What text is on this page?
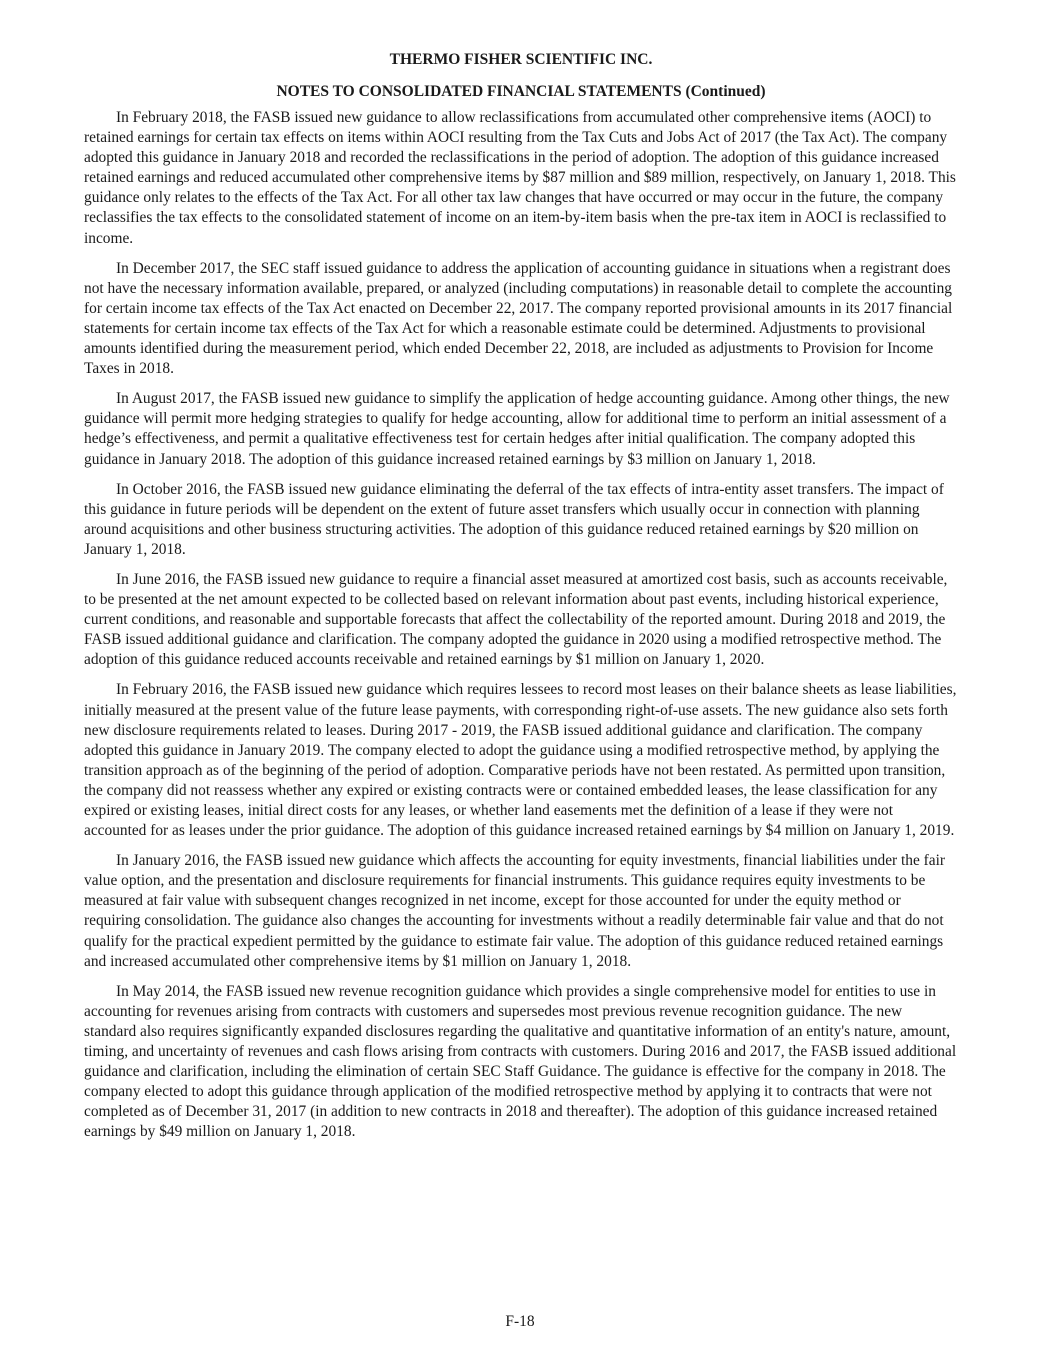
THERMO FISHER SCIENTIFIC INC.
NOTES TO CONSOLIDATED FINANCIAL STATEMENTS (Continued)

In February 2018, the FASB issued new guidance to allow reclassifications from accumulated other comprehensive items (AOCI) to retained earnings for certain tax effects on items within AOCI resulting from the Tax Cuts and Jobs Act of 2017 (the Tax Act). The company adopted this guidance in January 2018 and recorded the reclassifications in the period of adoption. The adoption of this guidance increased retained earnings and reduced accumulated other comprehensive items by $87 million and $89 million, respectively, on January 1, 2018. This guidance only relates to the effects of the Tax Act. For all other tax law changes that have occurred or may occur in the future, the company reclassifies the tax effects to the consolidated statement of income on an item-by-item basis when the pre-tax item in AOCI is reclassified to income.

In December 2017, the SEC staff issued guidance to address the application of accounting guidance in situations when a registrant does not have the necessary information available, prepared, or analyzed (including computations) in reasonable detail to complete the accounting for certain income tax effects of the Tax Act enacted on December 22, 2017. The company reported provisional amounts in its 2017 financial statements for certain income tax effects of the Tax Act for which a reasonable estimate could be determined. Adjustments to provisional amounts identified during the measurement period, which ended December 22, 2018, are included as adjustments to Provision for Income Taxes in 2018.

In August 2017, the FASB issued new guidance to simplify the application of hedge accounting guidance. Among other things, the new guidance will permit more hedging strategies to qualify for hedge accounting, allow for additional time to perform an initial assessment of a hedge’s effectiveness, and permit a qualitative effectiveness test for certain hedges after initial qualification. The company adopted this guidance in January 2018. The adoption of this guidance increased retained earnings by $3 million on January 1, 2018.

In October 2016, the FASB issued new guidance eliminating the deferral of the tax effects of intra-entity asset transfers. The impact of this guidance in future periods will be dependent on the extent of future asset transfers which usually occur in connection with planning around acquisitions and other business structuring activities. The adoption of this guidance reduced retained earnings by $20 million on January 1, 2018.

In June 2016, the FASB issued new guidance to require a financial asset measured at amortized cost basis, such as accounts receivable, to be presented at the net amount expected to be collected based on relevant information about past events, including historical experience, current conditions, and reasonable and supportable forecasts that affect the collectability of the reported amount. During 2018 and 2019, the FASB issued additional guidance and clarification. The company adopted the guidance in 2020 using a modified retrospective method. The adoption of this guidance reduced accounts receivable and retained earnings by $1 million on January 1, 2020.

In February 2016, the FASB issued new guidance which requires lessees to record most leases on their balance sheets as lease liabilities, initially measured at the present value of the future lease payments, with corresponding right-of-use assets. The new guidance also sets forth new disclosure requirements related to leases. During 2017 - 2019, the FASB issued additional guidance and clarification. The company adopted this guidance in January 2019. The company elected to adopt the guidance using a modified retrospective method, by applying the transition approach as of the beginning of the period of adoption. Comparative periods have not been restated. As permitted upon transition, the company did not reassess whether any expired or existing contracts were or contained embedded leases, the lease classification for any expired or existing leases, initial direct costs for any leases, or whether land easements met the definition of a lease if they were not accounted for as leases under the prior guidance. The adoption of this guidance increased retained earnings by $4 million on January 1, 2019.

In January 2016, the FASB issued new guidance which affects the accounting for equity investments, financial liabilities under the fair value option, and the presentation and disclosure requirements for financial instruments. This guidance requires equity investments to be measured at fair value with subsequent changes recognized in net income, except for those accounted for under the equity method or requiring consolidation. The guidance also changes the accounting for investments without a readily determinable fair value and that do not qualify for the practical expedient permitted by the guidance to estimate fair value. The adoption of this guidance reduced retained earnings and increased accumulated other comprehensive items by $1 million on January 1, 2018.

In May 2014, the FASB issued new revenue recognition guidance which provides a single comprehensive model for entities to use in accounting for revenues arising from contracts with customers and supersedes most previous revenue recognition guidance. The new standard also requires significantly expanded disclosures regarding the qualitative and quantitative information of an entity's nature, amount, timing, and uncertainty of revenues and cash flows arising from contracts with customers. During 2016 and 2017, the FASB issued additional guidance and clarification, including the elimination of certain SEC Staff Guidance. The guidance is effective for the company in 2018. The company elected to adopt this guidance through application of the modified retrospective method by applying it to contracts that were not completed as of December 31, 2017 (in addition to new contracts in 2018 and thereafter). The adoption of this guidance increased retained earnings by $49 million on January 1, 2018.

F-18
